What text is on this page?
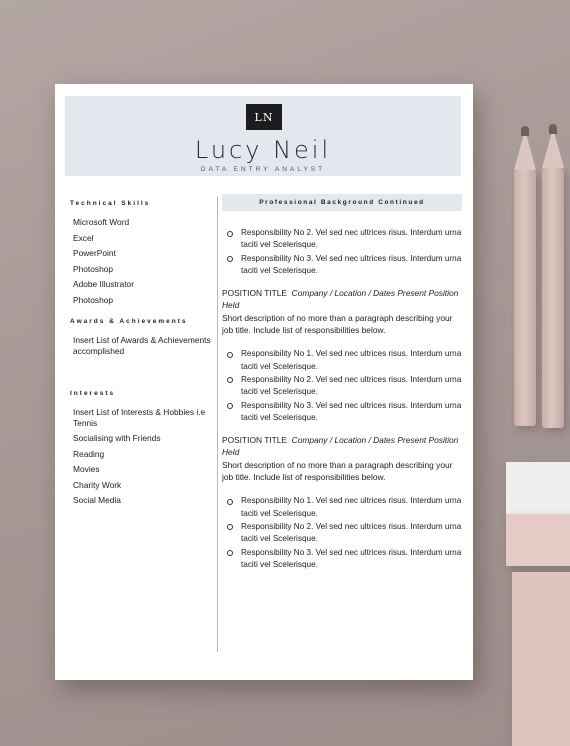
LN
Lucy Neil
DATA ENTRY ANALYST
Technical Skills
Microsoft Word
Excel
PowerPoint
Photoshop
Adobe Illustrator
Photoshop
Awards & Achievements
Insert List of Awards & Achievements accomplished
Interests
Insert List of Interests & Hobbies i.e Tennis
Socialising with Friends
Reading
Movies
Charity Work
Social Media
Professional Background Continued
Responsibility No 2. Vel sed nec ultrices risus. Interdum urna taciti vel Scelerisque.
Responsibility No 3. Vel sed nec ultrices risus. Interdum urna taciti vel Scelerisque.
POSITION TITLE Company / Location / Dates Present Position Held
Short description of no more than a paragraph describing your job title. Include list of responsibilities below.
Responsibility No 1. Vel sed nec ultrices risus. Interdum urna taciti vel Scelerisque.
Responsibility No 2. Vel sed nec ultrices risus. Interdum urna taciti vel Scelerisque.
Responsibility No 3. Vel sed nec ultrices risus. Interdum urna taciti vel Scelerisque.
POSITION TITLE Company / Location / Dates Present Position Held
Short description of no more than a paragraph describing your job title. Include list of responsibilities below.
Responsibility No 1. Vel sed nec ultrices risus. Interdum urna taciti vel Scelerisque.
Responsibility No 2. Vel sed nec ultrices risus. Interdum urna taciti vel Scelerisque.
Responsibility No 3. Vel sed nec ultrices risus. Interdum urna taciti vel Scelerisque.
